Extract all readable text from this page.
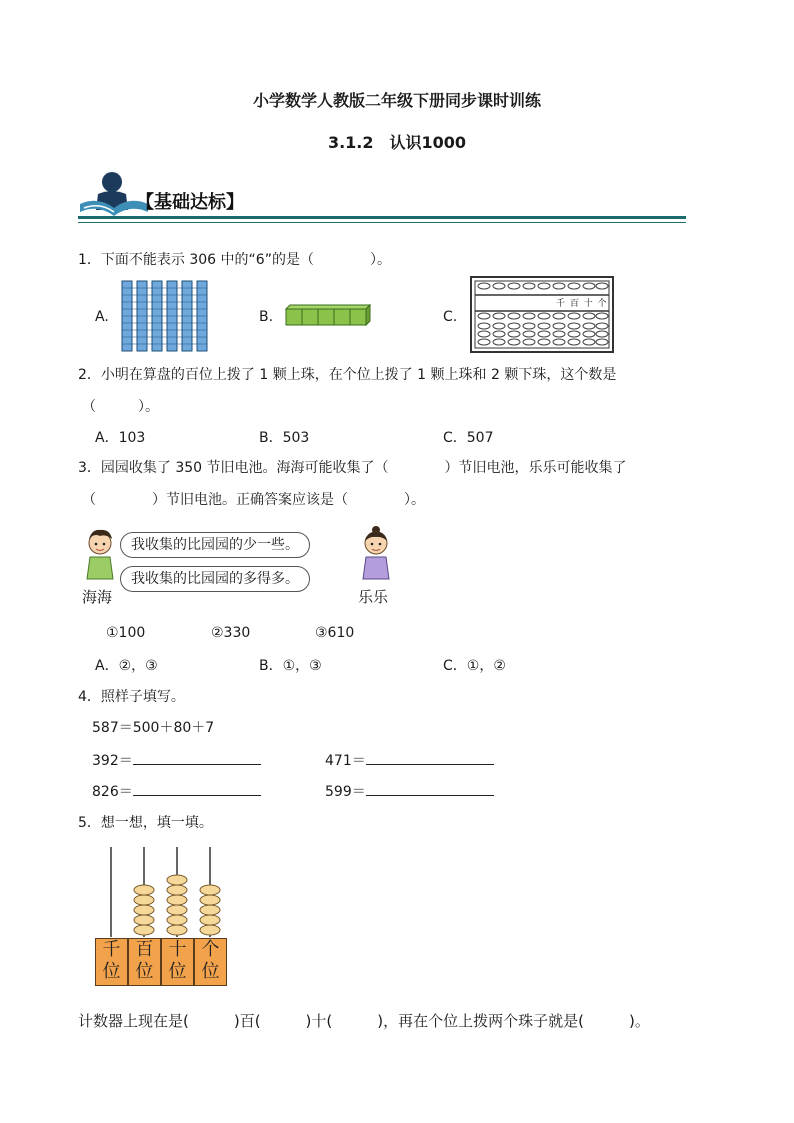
小学数学人教版二年级下册同步课时训练
3.1.2　认识1000
【基础达标】
1．下面不能表示 306 中的“6”的是（　　　　）。
A.	B.	C.
千 百 十 个
2．小明在算盘的百位上拨了 1 颗上珠，在个位上拨了 1 颗上珠和 2 颗下珠，这个数是
（　　　）。
A．103	B．503	C．507
3．园园收集了 350 节旧电池。海海可能收集了（　　　　）节旧电池，乐乐可能收集了
（　　　　）节旧电池。正确答案应该是（　　　　）。
我收集的比园园的少一些。
我收集的比园园的多得多。
海海	乐乐
①100	②330	③610
A．②，③	B．①，③	C．①，②
4．照样子填写。
587＝500＋80＋7
392＝	471＝
826＝	599＝
5．想一想，填一填。
千
位
百
位
十
位
个
位
计数器上现在是(　　　)百(　　　)十(　　　)，再在个位上拨两个珠子就是(　　　)。
